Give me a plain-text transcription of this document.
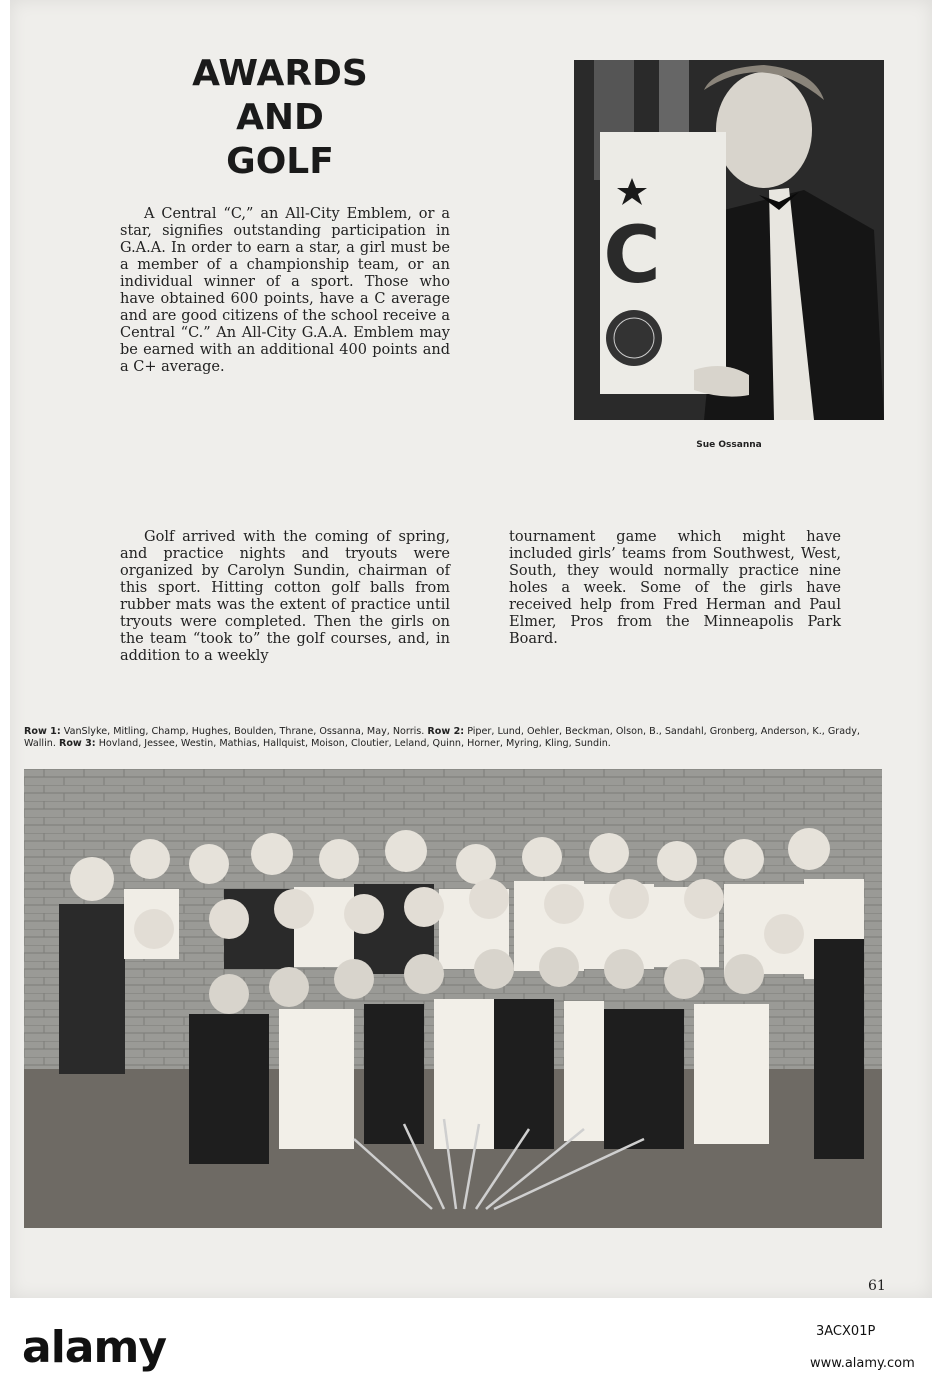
AWARDS
AND
GOLF

A Central “C,” an All-City Emblem, or a star, signifies outstanding participation in G.A.A. In order to earn a star, a girl must be a member of a championship team, or an individual winner of a sport. Those who have obtained 600 points, have a C average and are good citizens of the school receive a Central “C.” An All-City G.A.A. Emblem may be earned with an additional 400 points and a C+ average.

C

Sue Ossanna

Golf arrived with the coming of spring, and practice nights and tryouts were organized by Carolyn Sundin, chairman of this sport. Hitting cotton golf balls from rubber mats was the extent of practice until tryouts were completed. Then the girls on the team “took to” the golf courses, and, in addition to a weekly

tournament game which might have included girls’ teams from Southwest, West, South, they would normally practice nine holes a week. Some of the girls have received help from Fred Herman and Paul Elmer, Pros from the Minneapolis Park Board.

Row 1: VanSlyke, Mitling, Champ, Hughes, Boulden, Thrane, Ossanna, May, Norris. Row 2: Piper, Lund, Oehler, Beckman, Olson, B., Sandahl, Gronberg, Anderson, K., Grady, Wallin. Row 3: Hovland, Jessee, Westin, Mathias, Hallquist, Moison, Cloutier, Leland, Quinn, Horner, Myring, Kling, Sundin.

61

alamy	3ACX01P
www.alamy.com
